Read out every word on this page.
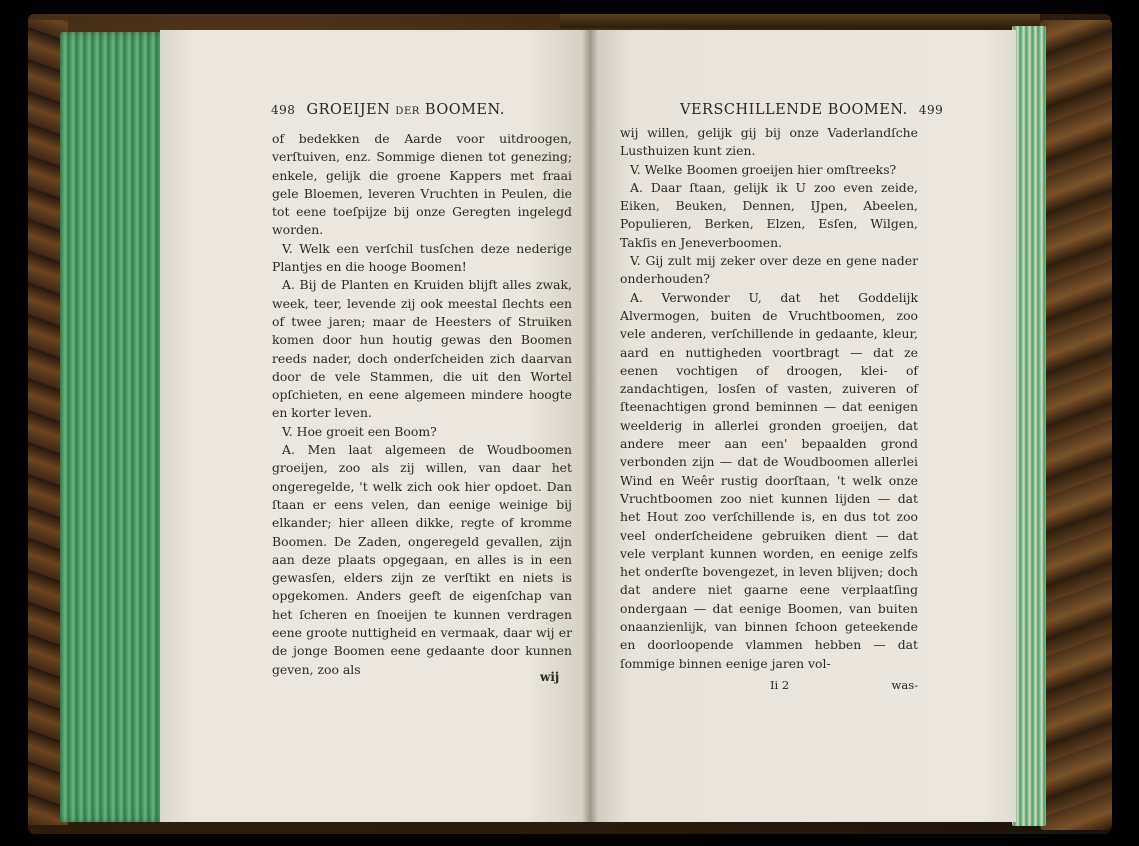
498 GROEIJEN DER BOOMEN.

of bedekken de Aarde voor uitdroogen, verſtuiven, enz. Sommige dienen tot genezing; enkele, gelijk die groene Kappers met fraai gele Bloemen, leveren Vruchten in Peulen, die tot eene toeſpijze bij onze Geregten ingelegd worden.

V. Welk een verſchil tusſchen deze nederige Plantjes en die hooge Boomen!

A. Bij de Planten en Kruiden blijft alles zwak, week, teer, levende zij ook meestal ſlechts een of twee jaren; maar de Heesters of Struiken komen door hun houtig gewas den Boomen reeds nader, doch onderſcheiden zich daarvan door de vele Stammen, die uit den Wortel opſchieten, en eene algemeen mindere hoogte en korter leven.

V. Hoe groeit een Boom?

A. Men laat algemeen de Woudboomen groeijen, zoo als zij willen, van daar het ongeregelde, 't welk zich ook hier opdoet. Dan ſtaan er eens velen, dan eenige weinige bij elkander; hier alleen dikke, regte of kromme Boomen. De Zaden, ongeregeld gevallen, zijn aan deze plaats opgegaan, en alles is in een gewasſen, elders zijn ze verſtikt en niets is opgekomen. Anders geeft de eigenſchap van het ſcheren en ſnoeijen te kunnen verdragen eene groote nuttigheid en vermaak, daar wij er de jonge Boomen eene gedaante door kunnen geven, zoo als

wij
VERSCHILLENDE BOOMEN. 499

wij willen, gelijk gij bij onze Vaderlandſche Lusthuizen kunt zien.

V. Welke Boomen groeijen hier omſtreeks?

A. Daar ſtaan, gelijk ik U zoo even zeide, Eiken, Beuken, Dennen, IJpen, Abeelen, Populieren, Berken, Elzen, Esſen, Wilgen, Takſis en Jeneverboomen.

V. Gij zult mij zeker over deze en gene nader onderhouden?

A. Verwonder U, dat het Goddelijk Alvermogen, buiten de Vruchtboomen, zoo vele anderen, verſchillende in gedaante, kleur, aard en nuttigheden voortbragt — dat ze eenen vochtigen of droogen, klei- of zandachtigen, losſen of vasten, zuiveren of ſteenachtigen grond beminnen — dat eenigen weelderig in allerlei gronden groeijen, dat andere meer aan een' bepaalden grond verbonden zijn — dat de Woudboomen allerlei Wind en Weêr rustig doorſtaan, 't welk onze Vruchtboomen zoo niet kunnen lijden — dat het Hout zoo verſchillende is, en dus tot zoo veel onderſcheidene gebruiken dient — dat vele verplant kunnen worden, en eenige zelfs het onderſte bovengezet, in leven blijven; doch dat andere niet gaarne eene verplaatſing ondergaan — dat eenige Boomen, van buiten onaanzienlijk, van binnen ſchoon geteekende en doorloopende vlammen hebben — dat ſommige binnen eenige jaren vol-

Ii 2	was-
